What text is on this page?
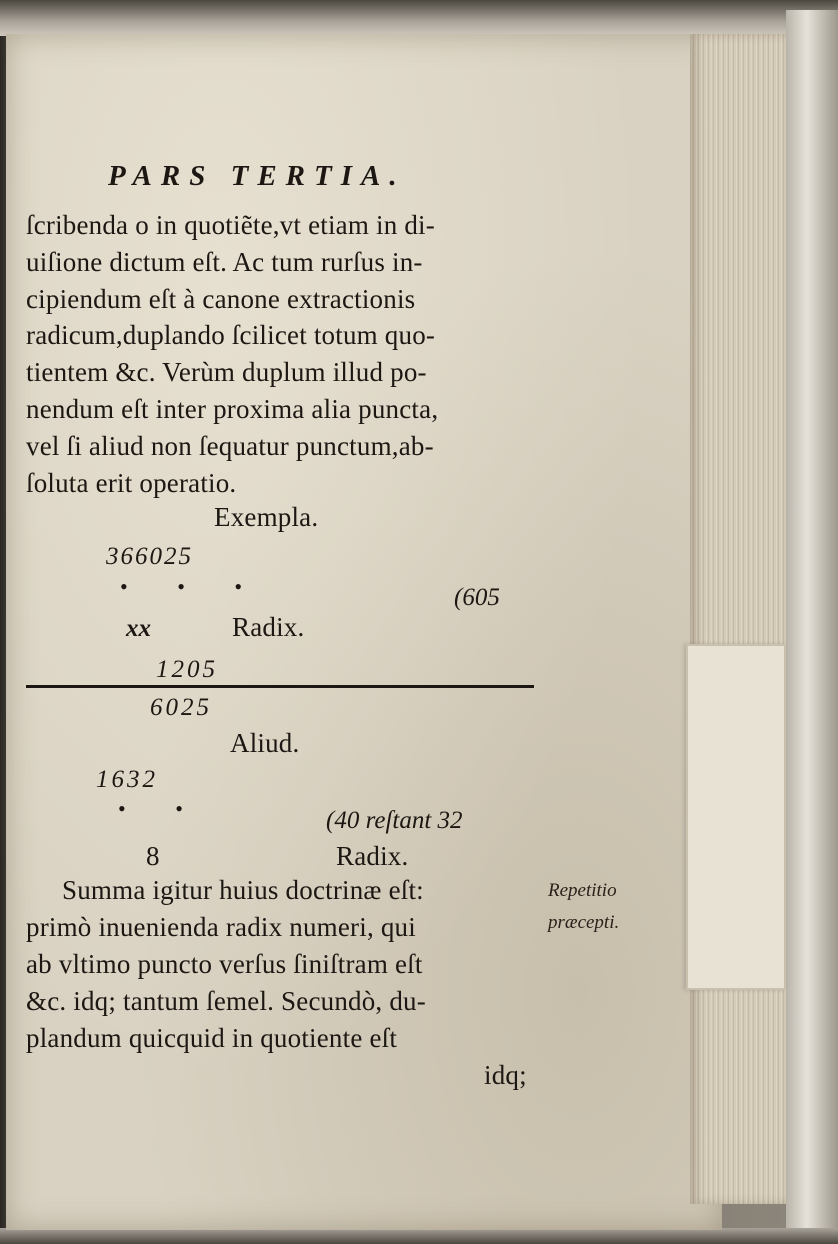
PARS TERTIA.
ſcribenda o in quotiẽte,vt etiam in di-
uiſione dictum eſt. Ac tum rurſus in-
cipiendum eſt à canone extractionis
radicum,duplando ſcilicet totum quo-
tientem &c. Verùm duplum illud po-
nendum eſt inter proxima alia puncta,
vel ſi aliud non ſequatur punctum,ab-
ſoluta erit operatio.
Exempla.
366025
• • •	(605
xx	Radix.
1205
6025
Aliud.
1632
• •	(40 reſtant 32
8	Radix.
Summa igitur huius doctrinæ eſt:
primò inuenienda radix numeri, qui
ab vltimo puncto verſus ſiniſtram eſt
&c. idq; tantum ſemel. Secundò, du-
plandum quicquid in quotiente eſt
idq;
Repetitio
præcepti.
